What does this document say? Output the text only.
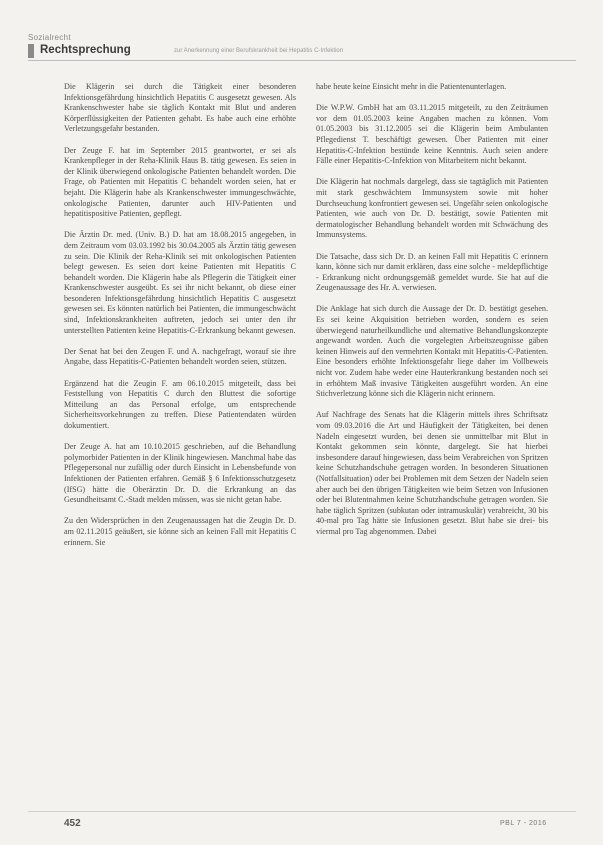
Sozialrecht
Rechtsprechung	zur Anerkennung einer Berufskrankheit bei Hepatitis C-Infektion

Die Klägerin sei durch die Tätigkeit einer besonderen Infektionsgefährdung hinsichtlich Hepatitis C ausgesetzt gewesen. Als Krankenschwester habe sie täglich Kontakt mit Blut und anderen Körperflüssigkeiten der Patienten gehabt. Es habe auch eine erhöhte Verletzungsgefahr bestanden.

Der Zeuge F. hat im September 2015 geantwortet, er sei als Krankenpfleger in der Reha-Klinik Haus B. tätig gewesen. Es seien in der Klinik überwiegend onkologische Patienten behandelt worden. Die Frage, ob Patienten mit Hepatitis C behandelt worden seien, hat er bejaht. Die Klägerin habe als Krankenschwester immungeschwächte, onkologische Patienten, darunter auch HIV-Patienten und hepatitispositive Patienten, gepflegt.

Die Ärztin Dr. med. (Univ. B.) D. hat am 18.08.2015 angegeben, in dem Zeitraum vom 03.03.1992 bis 30.04.2005 als Ärztin tätig gewesen zu sein. Die Klinik der Reha-Klinik sei mit onkologischen Patienten belegt gewesen. Es seien dort keine Patienten mit Hepatitis C behandelt worden. Die Klägerin habe als Pflegerin die Tätigkeit einer Krankenschwester ausgeübt. Es sei ihr nicht bekannt, ob diese einer besonderen Infektionsgefährdung hinsichtlich Hepatitis C ausgesetzt gewesen sei. Es könnten natürlich bei Patienten, die immungeschwächt sind, Infektionskrankheiten auftreten, jedoch sei unter den ihr unterstellten Patienten keine Hepatitis-C-Erkrankung bekannt gewesen.

Der Senat hat bei den Zeugen F. und A. nachgefragt, worauf sie ihre Angabe, dass Hepatitis-C-Patienten behandelt worden seien, stützen.

Ergänzend hat die Zeugin F. am 06.10.2015 mitgeteilt, dass bei Feststellung von Hepatitis C durch den Bluttest die sofortige Mitteilung an das Personal erfolge, um entsprechende Sicherheitsvorkehrungen zu treffen. Diese Patientendaten würden dokumentiert.

Der Zeuge A. hat am 10.10.2015 geschrieben, auf die Behandlung polymorbider Patienten in der Klinik hingewiesen. Manchmal habe das Pflegepersonal nur zufällig oder durch Einsicht in Lebensbefunde von Infektionen der Patienten erfahren. Gemäß § 6 Infektionsschutzgesetz (IfSG) hätte die Oberärztin Dr. D. die Erkrankung an das Gesundheitsamt C.-Stadt melden müssen, was sie nicht getan habe.

Zu den Widersprüchen in den Zeugenaussagen hat die Zeugin Dr. D. am 02.11.2015 geäußert, sie könne sich an keinen Fall mit Hepatitis C erinnern. Sie

habe heute keine Einsicht mehr in die Patientenunterlagen.

Die W.P.W. GmbH hat am 03.11.2015 mitgeteilt, zu den Zeiträumen vor dem 01.05.2003 keine Angaben machen zu können. Vom 01.05.2003 bis 31.12.2005 sei die Klägerin beim Ambulanten Pflegedienst T. beschäftigt gewesen. Über Patienten mit einer Hepatitis-C-Infektion bestünde keine Kenntnis. Auch seien andere Fälle einer Hepatitis-C-Infektion von Mitarbeitern nicht bekannt.

Die Klägerin hat nochmals dargelegt, dass sie tagtäglich mit Patienten mit stark geschwächtem Immunsystem sowie mit hoher Durchseuchung konfrontiert gewesen sei. Ungefähr seien onkologische Patienten, wie auch von Dr. D. bestätigt, sowie Patienten mit dermatologischer Behandlung behandelt worden mit Schwächung des Immunsystems.

Die Tatsache, dass sich Dr. D. an keinen Fall mit Hepatitis C erinnern kann, könne sich nur damit erklären, dass eine solche - meldepflichtige - Erkrankung nicht ordnungsgemäß gemeldet wurde. Sie hat auf die Zeugenaussage des Hr. A. verwiesen.

Die Anklage hat sich durch die Aussage der Dr. D. bestätigt gesehen. Es sei keine Akquisition betrieben worden, sondern es seien überwiegend naturheilkundliche und alternative Behandlungskonzepte angewandt worden. Auch die vorgelegten Arbeitszeugnisse gäben keinen Hinweis auf den vermehrten Kontakt mit Hepatitis-C-Patienten. Eine besonders erhöhte Infektionsgefahr liege daher im Vollbeweis nicht vor. Zudem habe weder eine Hauterkrankung bestanden noch sei in erhöhtem Maß invasive Tätigkeiten ausgeführt worden. An eine Stichverletzung könne sich die Klägerin nicht erinnern.

Auf Nachfrage des Senats hat die Klägerin mittels ihres Schriftsatz vom 09.03.2016 die Art und Häufigkeit der Tätigkeiten, bei denen Nadeln eingesetzt wurden, bei denen sie unmittelbar mit Blut in Kontakt gekommen sein könnte, dargelegt. Sie hat hierbei insbesondere darauf hingewiesen, dass beim Verabreichen von Spritzen keine Schutzhandschuhe getragen worden. In besonderen Situationen (Notfallsituation) oder bei Problemen mit dem Setzen der Nadeln seien aber auch bei den übrigen Tätigkeiten wie beim Setzen von Infusionen oder bei Blutentnahmen keine Schutzhandschuhe getragen worden. Sie habe täglich Spritzen (subkutan oder intramuskulär) verabreicht, 30 bis 40-mal pro Tag hätte sie Infusionen gesetzt. Blut habe sie drei- bis viermal pro Tag abgenommen. Dabei

452	PBL 7 - 2016
